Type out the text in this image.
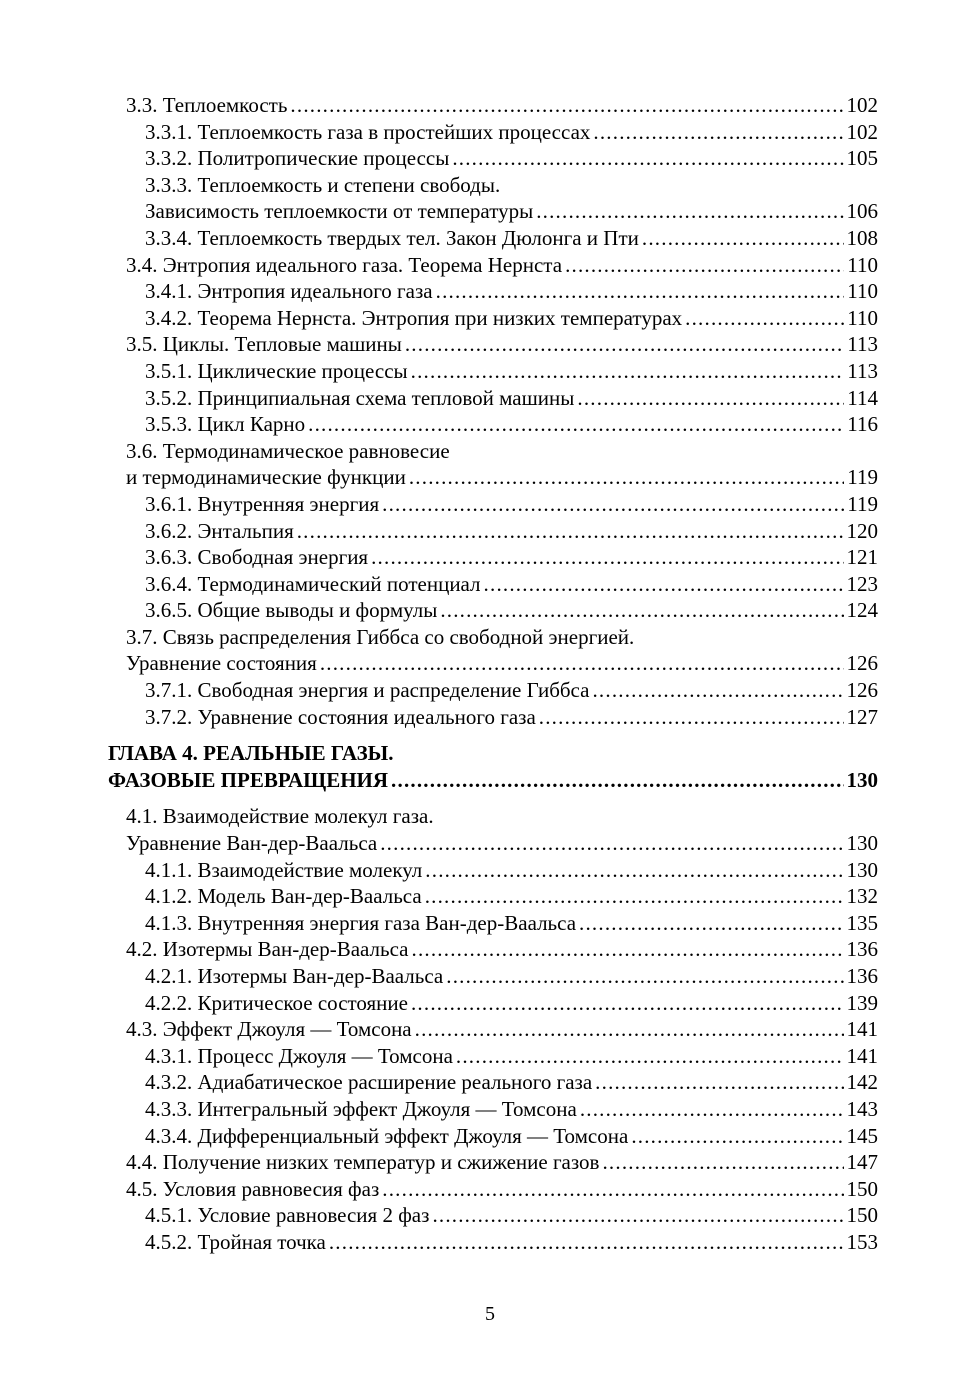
3.3. Теплоемкость .....	102
3.3.1. Теплоемкость газа в простейших процессах .....	102
3.3.2. Политропические процессы .....	105
3.3.3. Теплоемкость и степени свободы.
Зависимость теплоемкости от температуры .....	106
3.3.4. Теплоемкость твердых тел. Закон Дюлонга и Пти .....	108
3.4. Энтропия идеального газа. Теорема Нернста .....	110
3.4.1. Энтропия идеального газа .....	110
3.4.2. Теорема Нернста. Энтропия при низких температурах .....	110
3.5. Циклы. Тепловые машины .....	113
3.5.1. Циклические процессы .....	113
3.5.2. Принципиальная схема тепловой машины .....	114
3.5.3. Цикл Карно .....	116
3.6. Термодинамическое равновесие
и термодинамические функции .....	119
3.6.1. Внутренняя энергия .....	119
3.6.2. Энтальпия .....	120
3.6.3. Свободная энергия .....	121
3.6.4. Термодинамический потенциал .....	123
3.6.5. Общие выводы и формулы .....	124
3.7. Связь распределения Гиббса со свободной энергией.
Уравнение состояния .....	126
3.7.1. Свободная энергия и распределение Гиббса .....	126
3.7.2. Уравнение состояния идеального газа .....	127
ГЛАВА 4. РЕАЛЬНЫЕ ГАЗЫ.
ФАЗОВЫЕ ПРЕВРАЩЕНИЯ .....	130
4.1. Взаимодействие молекул газа.
Уравнение Ван-дер-Ваальса .....	130
4.1.1. Взаимодействие молекул .....	130
4.1.2. Модель Ван-дер-Ваальса .....	132
4.1.3. Внутренняя энергия газа Ван-дер-Ваальса .....	135
4.2. Изотермы Ван-дер-Ваальса .....	136
4.2.1. Изотермы Ван-дер-Ваальса .....	136
4.2.2. Критическое состояние .....	139
4.3. Эффект Джоуля — Томсона .....	141
4.3.1. Процесс Джоуля — Томсона .....	141
4.3.2. Адиабатическое расширение реального газа .....	142
4.3.3. Интегральный эффект Джоуля — Томсона .....	143
4.3.4. Дифференциальный эффект Джоуля — Томсона .....	145
4.4. Получение низких температур и сжижение газов .....	147
4.5. Условия равновесия фаз .....	150
4.5.1. Условие равновесия 2 фаз .....	150
4.5.2. Тройная точка .....	153
5
